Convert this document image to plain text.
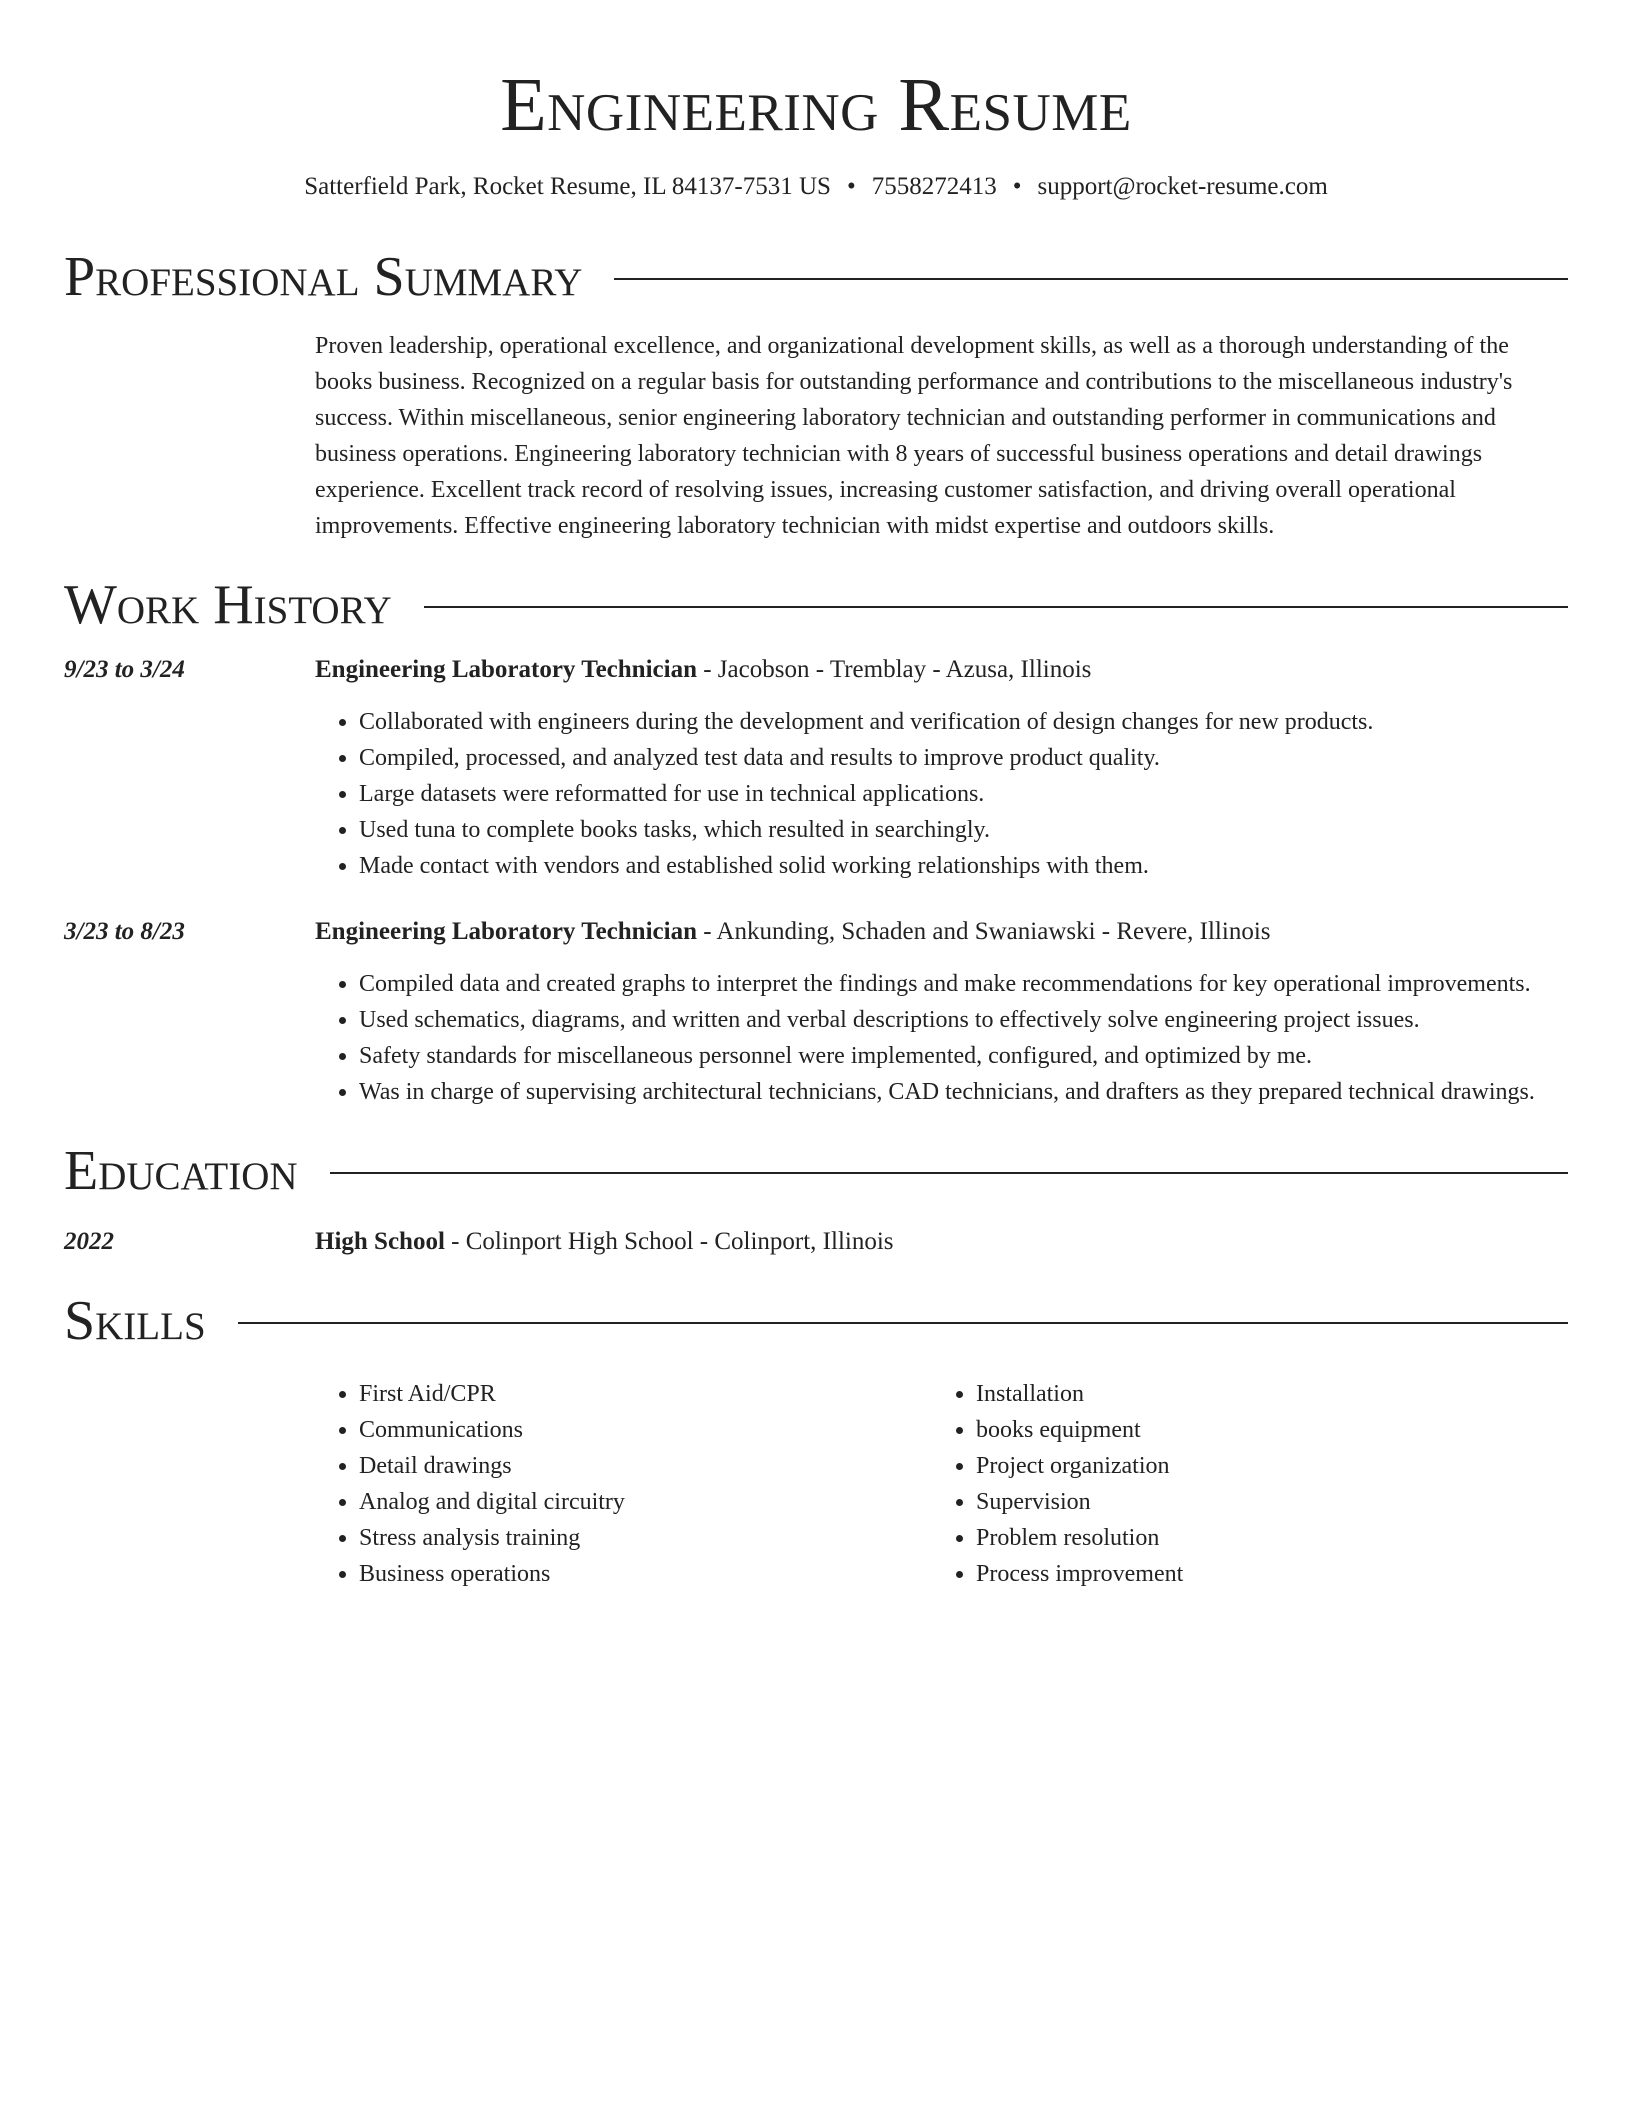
Engineering Resume
Satterfield Park, Rocket Resume, IL 84137-7531 US • 7558272413 • support@rocket-resume.com
Professional Summary
Proven leadership, operational excellence, and organizational development skills, as well as a thorough understanding of the books business. Recognized on a regular basis for outstanding performance and contributions to the miscellaneous industry's success. Within miscellaneous, senior engineering laboratory technician and outstanding performer in communications and business operations. Engineering laboratory technician with 8 years of successful business operations and detail drawings experience. Excellent track record of resolving issues, increasing customer satisfaction, and driving overall operational improvements. Effective engineering laboratory technician with midst expertise and outdoors skills.
Work History
9/23 to 3/24	Engineering Laboratory Technician - Jacobson - Tremblay - Azusa, Illinois
• Collaborated with engineers during the development and verification of design changes for new products.
• Compiled, processed, and analyzed test data and results to improve product quality.
• Large datasets were reformatted for use in technical applications.
• Used tuna to complete books tasks, which resulted in searchingly.
• Made contact with vendors and established solid working relationships with them.
3/23 to 8/23	Engineering Laboratory Technician - Ankunding, Schaden and Swaniawski - Revere, Illinois
• Compiled data and created graphs to interpret the findings and make recommendations for key operational improvements.
• Used schematics, diagrams, and written and verbal descriptions to effectively solve engineering project issues.
• Safety standards for miscellaneous personnel were implemented, configured, and optimized by me.
• Was in charge of supervising architectural technicians, CAD technicians, and drafters as they prepared technical drawings.
Education
2022	High School - Colinport High School - Colinport, Illinois
Skills
• First Aid/CPR
• Communications
• Detail drawings
• Analog and digital circuitry
• Stress analysis training
• Business operations
• Installation
• books equipment
• Project organization
• Supervision
• Problem resolution
• Process improvement
